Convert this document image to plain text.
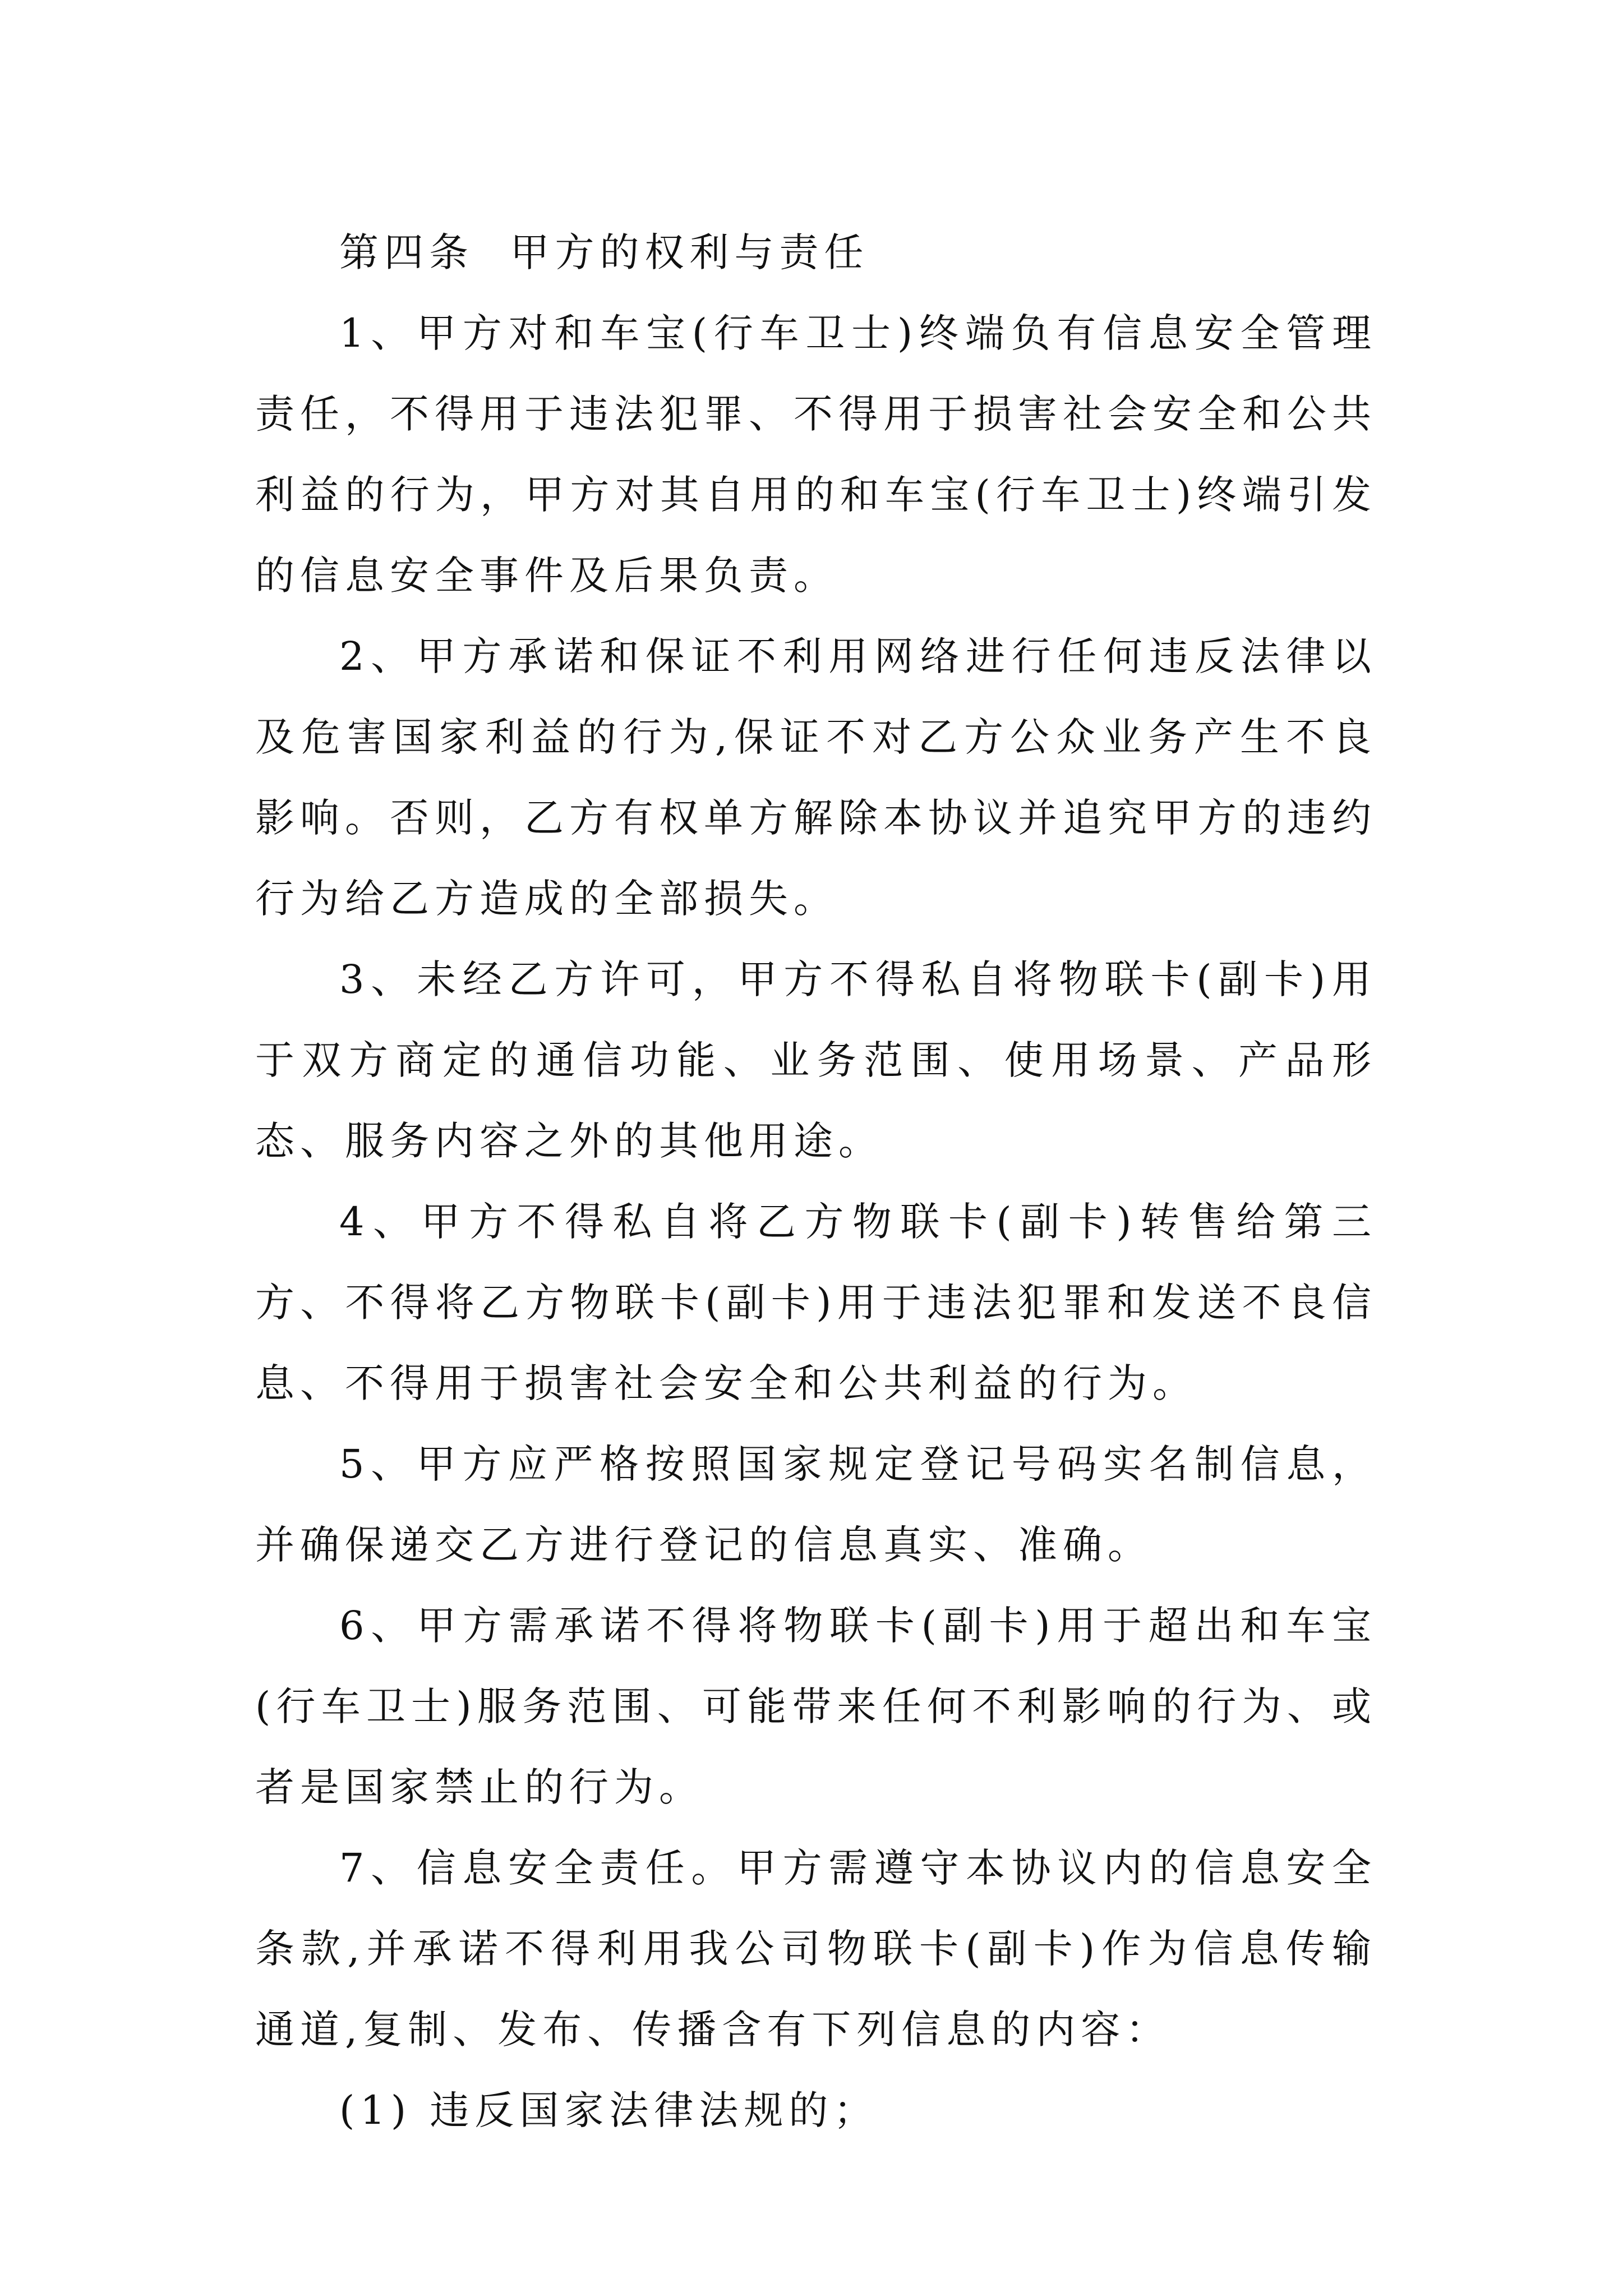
第四条  甲方的权利与责任

1、甲方对和车宝(行车卫士)终端负有信息安全管理责任，不得用于违法犯罪、不得用于损害社会安全和公共利益的行为，甲方对其自用的和车宝(行车卫士)终端引发的信息安全事件及后果负责。

2、甲方承诺和保证不利用网络进行任何违反法律以及危害国家利益的行为,保证不对乙方公众业务产生不良影响。否则，乙方有权单方解除本协议并追究甲方的违约行为给乙方造成的全部损失。

3、未经乙方许可，甲方不得私自将物联卡(副卡)用于双方商定的通信功能、业务范围、使用场景、产品形态、服务内容之外的其他用途。

4、甲方不得私自将乙方物联卡(副卡)转售给第三方、不得将乙方物联卡(副卡)用于违法犯罪和发送不良信息、不得用于损害社会安全和公共利益的行为。

5、甲方应严格按照国家规定登记号码实名制信息，并确保递交乙方进行登记的信息真实、准确。

6、甲方需承诺不得将物联卡(副卡)用于超出和车宝(行车卫士)服务范围、可能带来任何不利影响的行为、或者是国家禁止的行为。

7、信息安全责任。甲方需遵守本协议内的信息安全条款,并承诺不得利用我公司物联卡(副卡)作为信息传输通道,复制、发布、传播含有下列信息的内容：

(1) 违反国家法律法规的；
